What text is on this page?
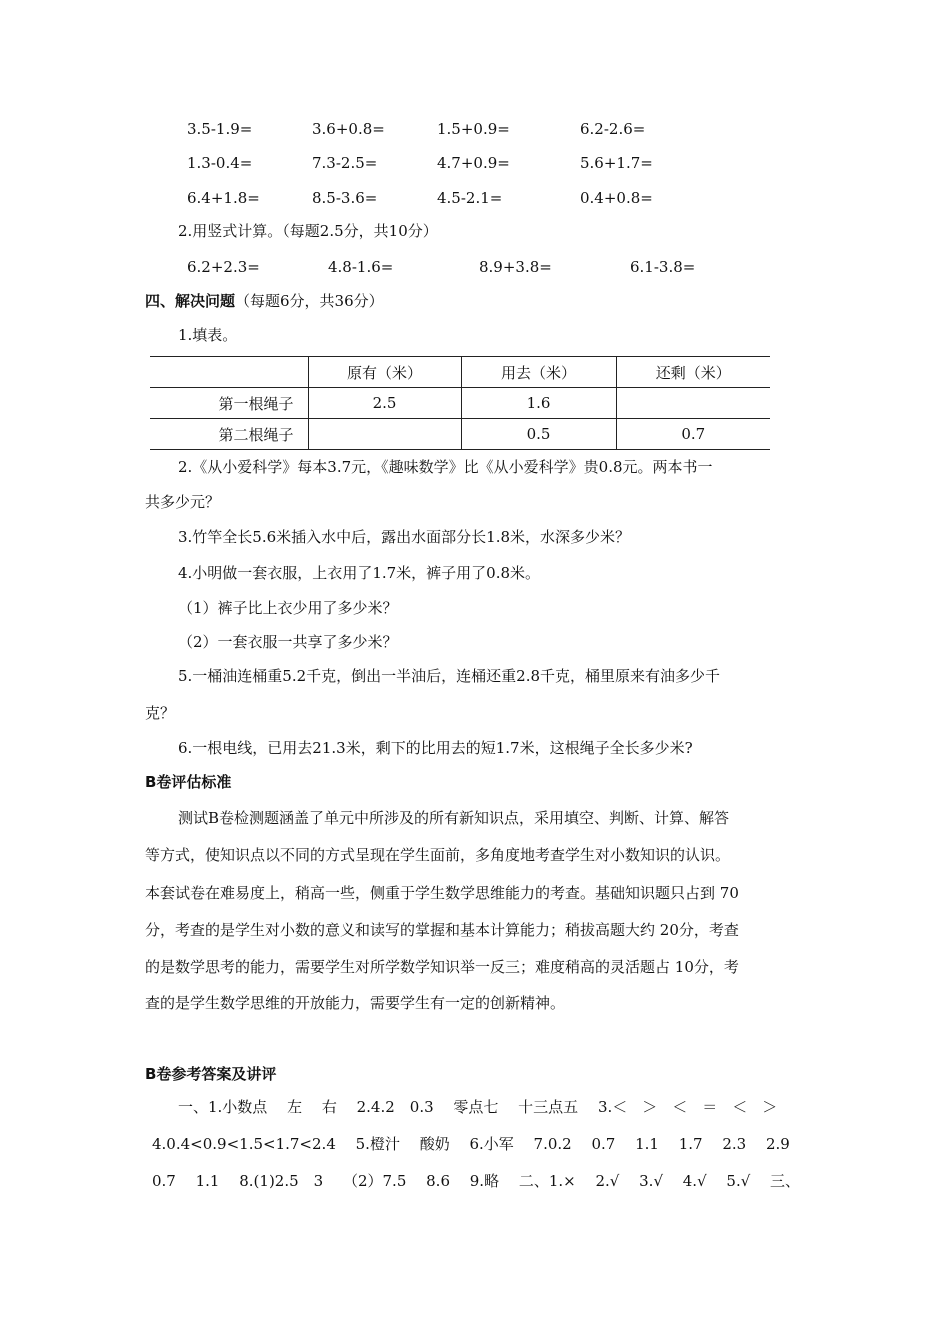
3.5-1.9=	3.6+0.8=	1.5+0.9=	6.2-2.6=
1.3-0.4=	7.3-2.5=	4.7+0.9=	5.6+1.7=
6.4+1.8=	8.5-3.6=	4.5-2.1=	0.4+0.8=
2.用竖式计算。（每题2.5分，共10分）
6.2+2.3=	4.8-1.6=	8.9+3.8=	6.1-3.8=
四、解决问题（每题6分，共36分）
1.填表。
	原有（米）	用去（米）	还剩（米）
第一根绳子	2.5	1.6	
第二根绳子		0.5	0.7
2.《从小爱科学》每本3.7元，《趣味数学》比《从小爱科学》贵0.8元。两本书一
共多少元？
3.竹竿全长5.6米插入水中后，露出水面部分长1.8米，水深多少米？
4.小明做一套衣服，上衣用了1.7米，裤子用了0.8米。
（1）裤子比上衣少用了多少米？
（2）一套衣服一共享了多少米？
5.一桶油连桶重5.2千克，倒出一半油后，连桶还重2.8千克，桶里原来有油多少千
克？
6.一根电线，已用去21.3米，剩下的比用去的短1.7米，这根绳子全长多少米?
B卷评估标准
测试B卷检测题涵盖了单元中所涉及的所有新知识点，采用填空、判断、计算、解答
等方式，使知识点以不同的方式呈现在学生面前，多角度地考查学生对小数知识的认识。
本套试卷在难易度上，稍高一些，侧重于学生数学思维能力的考查。基础知识题只占到 70
分，考查的是学生对小数的意义和读写的掌握和基本计算能力；稍拔高题大约 20分，考查
的是数学思考的能力，需要学生对所学数学知识举一反三；难度稍高的灵活题占 10分，考
查的是学生数学思维的开放能力，需要学生有一定的创新精神。
B卷参考答案及讲评
一、1.小数点　 左　 右　 2.4.2　0.3　 零点七　 十三点五　 3.＜　＞　＜　＝　＜　＞
4.0.4<0.9<1.5<1.7<2.4　 5.橙汁　 酸奶　 6.小军　 7.0.2　 0.7　 1.1　 1.7　 2.3　 2.9
0.7　 1.1　 8.(1)2.5　3　 （2）7.5　 8.6　 9.略　 二、1.×　 2.√　 3.√　 4.√　 5.√　 三、
